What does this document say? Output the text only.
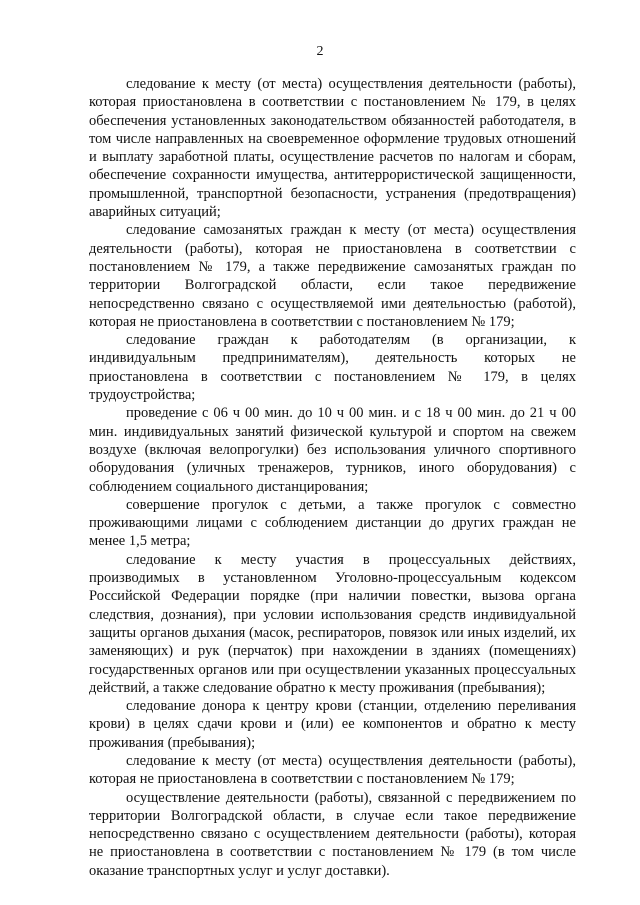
2

следование к месту (от места) осуществления деятельности (работы), которая приостановлена в соответствии с постановлением № 179, в целях обеспечения установленных законодательством обязанностей работодателя, в том числе направленных на своевременное оформление трудовых отношений и выплату заработной платы, осуществление расчетов по налогам и сборам, обеспечение сохранности имущества, антитеррористической защищенности, промышленной, транспортной безопасности, устранения (предотвращения) аварийных ситуаций;

следование самозанятых граждан к месту (от места) осуществления деятельности (работы), которая не приостановлена в соответствии с постановлением № 179, а также передвижение самозанятых граждан по территории Волгоградской области, если такое передвижение непосредственно связано с осуществляемой ими деятельностью (работой), которая не приостановлена в соответствии с постановлением № 179;

следование граждан к работодателям (в организации, к индивидуальным предпринимателям), деятельность которых не приостановлена в соответствии с постановлением № 179, в целях трудоустройства;

проведение с 06 ч 00 мин. до 10 ч 00 мин. и с 18 ч 00 мин. до 21 ч 00 мин. индивидуальных занятий физической культурой и спортом на свежем воздухе (включая велопрогулки) без использования уличного спортивного оборудования (уличных тренажеров, турников, иного оборудования) с соблюдением социального дистанцирования;

совершение прогулок с детьми, а также прогулок с совместно проживающими лицами с соблюдением дистанции до других граждан не менее 1,5 метра;

следование к месту участия в процессуальных действиях, производимых в установленном Уголовно-процессуальным кодексом Российской Федерации порядке (при наличии повестки, вызова органа следствия, дознания), при условии использования средств индивидуальной защиты органов дыхания (масок, респираторов, повязок или иных изделий, их заменяющих) и рук (перчаток) при нахождении в зданиях (помещениях) государственных органов или при осуществлении указанных процессуальных действий, а также следование обратно к месту проживания (пребывания);

следование донора к центру крови (станции, отделению переливания крови) в целях сдачи крови и (или) ее компонентов и обратно к месту проживания (пребывания);

следование к месту (от места) осуществления деятельности (работы), которая не приостановлена в соответствии с постановлением № 179;

осуществление деятельности (работы), связанной с передвижением по территории Волгоградской области, в случае если такое передвижение непосредственно связано с осуществлением деятельности (работы), которая не приостановлена в соответствии с постановлением № 179 (в том числе оказание транспортных услуг и услуг доставки).
